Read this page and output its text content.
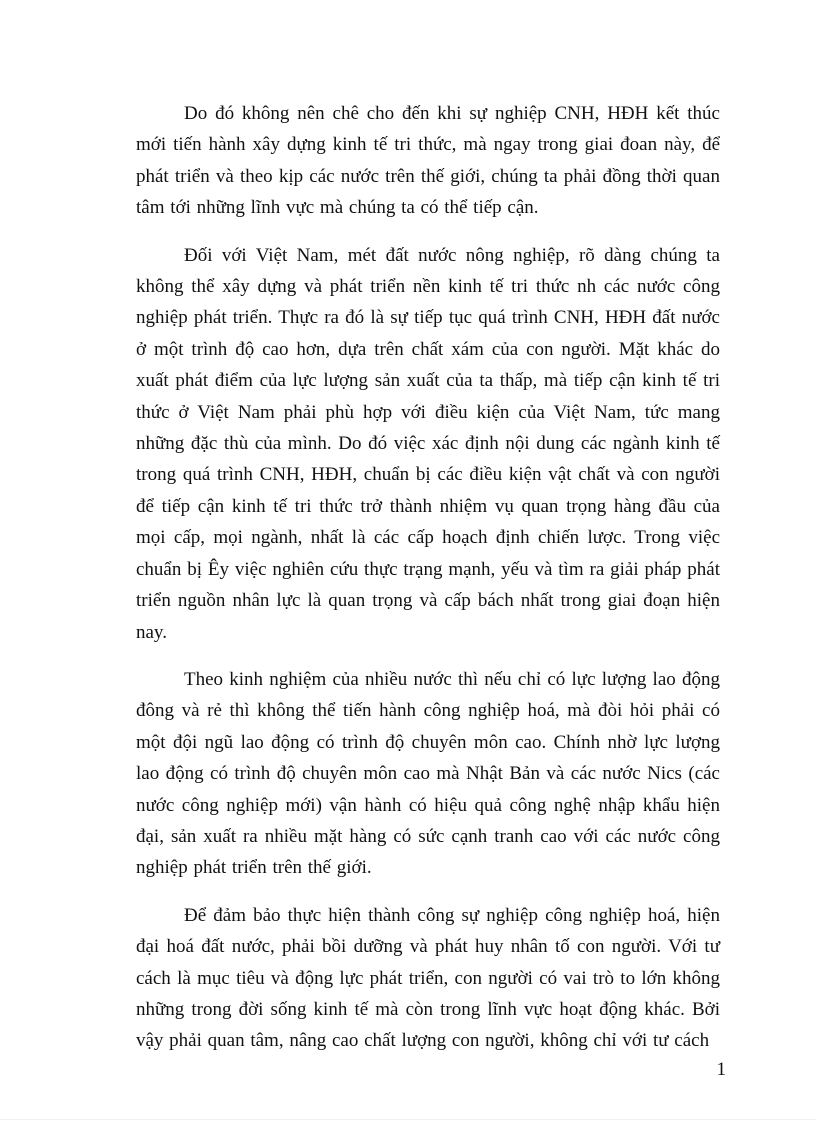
Do đó không nên chê cho đến khi sự nghiệp CNH, HĐH kết thúc mới tiến hành xây dựng kinh tế tri thức, mà ngay trong giai đoan này, để phát triển và theo kịp các nước trên thế giới, chúng ta phải đồng thời quan tâm tới những lĩnh vực mà chúng ta có thể tiếp cận.

Đối với Việt Nam, mét đất nước nông nghiệp, rõ dàng chúng ta không thể xây dựng và phát triển nền kinh tế tri thức nh các nước công nghiệp phát triển. Thực ra đó là sự tiếp tục quá trình CNH, HĐH đất nước ở một trình độ cao hơn, dựa trên chất xám của con người. Mặt khác do xuất phát điểm của lực lượng sản xuất của ta thấp, mà tiếp cận kinh tế tri thức ở Việt Nam phải phù hợp với điều kiện của Việt Nam, tức mang những đặc thù của mình. Do đó việc xác định nội dung các ngành kinh tế trong quá trình CNH, HĐH, chuẩn bị các điều kiện vật chất và con người để tiếp cận kinh tế tri thức trở thành nhiệm vụ quan trọng hàng đầu của mọi cấp, mọi ngành, nhất là các cấp hoạch định chiến lược. Trong việc chuẩn bị Êy việc nghiên cứu thực trạng mạnh, yếu và tìm ra giải pháp phát triển nguồn nhân lực là quan trọng và cấp bách nhất trong giai đoạn hiện nay.

Theo kinh nghiệm của nhiều nước thì nếu chỉ có lực lượng lao động đông và rẻ thì không thể tiến hành công nghiệp hoá, mà đòi hỏi phải có một đội ngũ lao động có trình độ chuyên môn cao. Chính nhờ lực lượng lao động có trình độ chuyên môn cao mà Nhật Bản và các nước Nics (các nước công nghiệp mới) vận hành có hiệu quả công nghệ nhập khẩu hiện đại, sản xuất ra nhiều mặt hàng có sức cạnh tranh cao với các nước công nghiệp phát triển trên thế giới.

Để đảm bảo thực hiện thành công sự nghiệp công nghiệp hoá, hiện đại hoá đất nước, phải bồi dưỡng và phát huy nhân tố con người. Với tư cách là mục tiêu và động lực phát triển, con người có vai trò to lớn không những trong đời sống kinh tế mà còn trong lĩnh vực hoạt động khác. Bởi vậy phải quan tâm, nâng cao chất lượng con người, không chỉ với tư cách

1
